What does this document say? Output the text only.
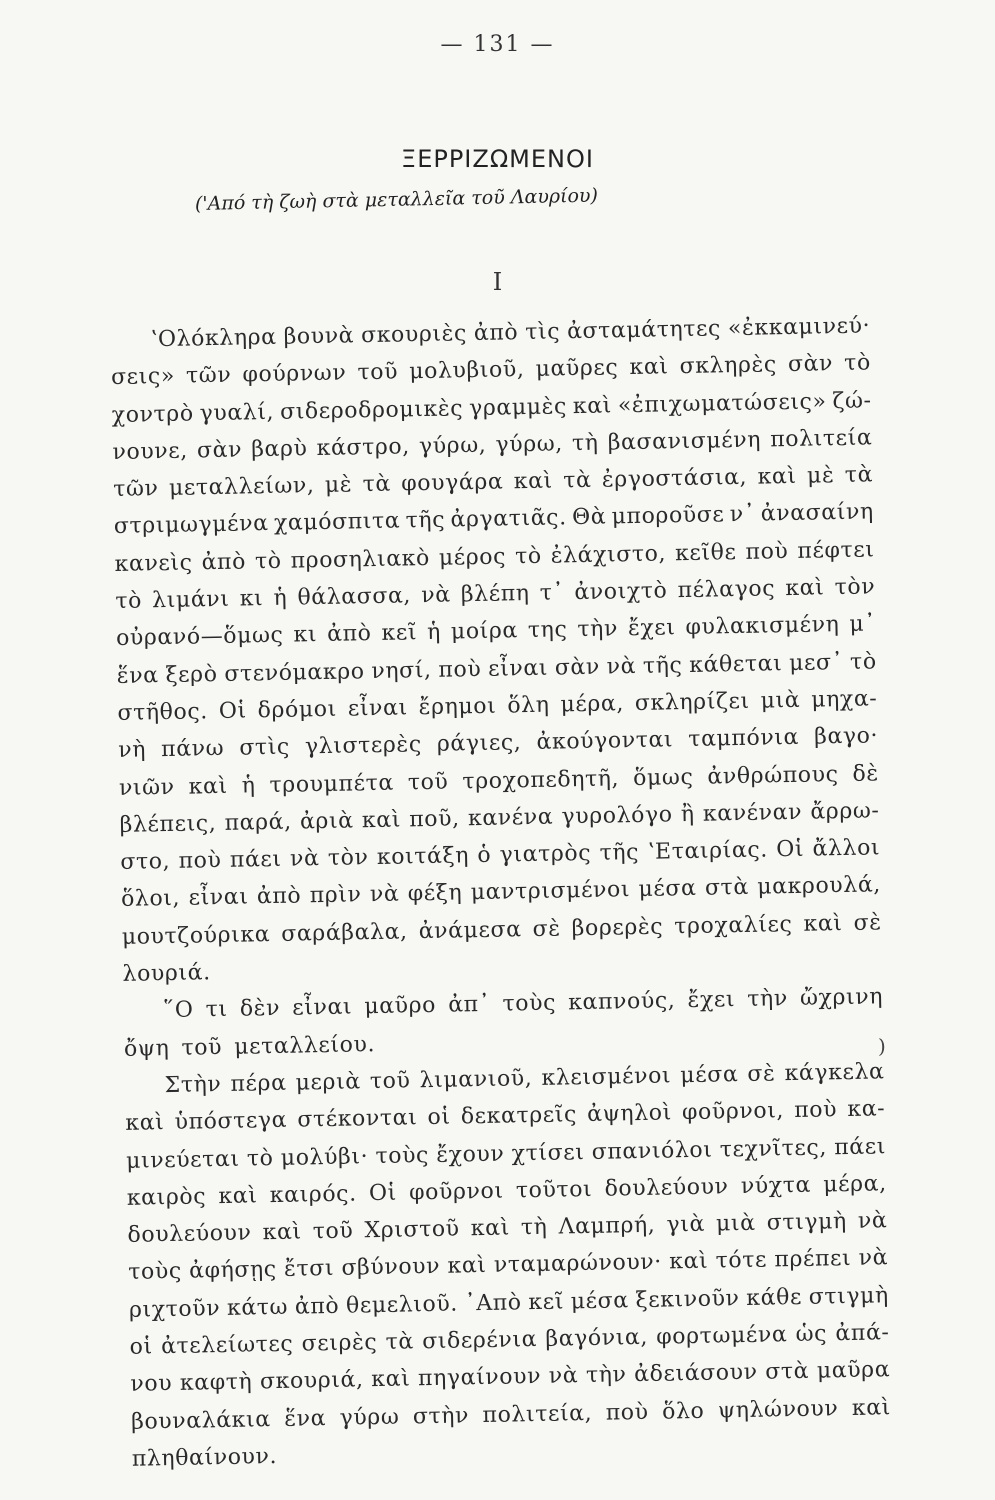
— 131 —
ΞΕΡΡΙΖΩΜΕΝΟΙ
('Από τὴ ζωὴ στὰ μεταλλεῖα τοῦ Λαυρίου)
Ι
)
ʽΟλόκληρα βουνὰ σκουριὲς ἀπὸ τὶς ἀσταμάτητες «ἐκκαμινεύ·
σεις» τῶν φούρνων τοῦ μολυβιοῦ, μαῦρες καὶ σκληρὲς σὰν τὸ
χοντρὸ γυαλί, σιδεροδρομικὲς γραμμὲς καὶ «ἐπιχωματώσεις» ζώ-
νουνε, σὰν βαρὺ κάστρο, γύρω, γύρω, τὴ βασανισμένη πολιτεία
τῶν μεταλλείων, μὲ τὰ φουγάρα καὶ τὰ ἐργοστάσια, καὶ μὲ τὰ
στριμωγμένα χαμόσπιτα τῆς ἀργατιᾶς. Θὰ μποροῦσε ν᾽ ἀνασαίνη
κανεὶς ἀπὸ τὸ προσηλιακὸ μέρος τὸ ἐλάχιστο, κεῖθε ποὺ πέφτει
τὸ λιμάνι κι ἡ θάλασσα, νὰ βλέπη τ᾽ ἀνοιχτὸ πέλαγος καὶ τὸν
οὐρανό—ὅμως κι ἀπὸ κεῖ ἡ μοίρα της τὴν ἔχει φυλακισμένη μ᾽
ἕνα ξερὸ στενόμακρο νησί, ποὺ εἶναι σὰν νὰ τῆς κάθεται μεσ᾽ τὸ
στῆθος. Οἱ δρόμοι εἶναι ἔρημοι ὅλη μέρα, σκληρίζει μιὰ μηχα-
νὴ πάνω στὶς γλιστερὲς ράγιες, ἀκούγονται ταμπόνια βαγο·
νιῶν καὶ ἡ τρουμπέτα τοῦ τροχοπεδητῆ, ὅμως ἀνθρώπους δὲ
βλέπεις, παρά, ἀριὰ καὶ ποῦ, κανένα γυρολόγο ἢ κανέναν ἄρρω-
στο, ποὺ πάει νὰ τὸν κοιτάξη ὁ γιατρὸς τῆς ʽΕταιρίας. Οἱ ἄλλοι
ὅλοι, εἶναι ἀπὸ πρὶν νὰ φέξη μαντρισμένοι μέσα στὰ μακρουλά,
μουτζούρικα σαράβαλα, ἀνάμεσα σὲ βορερὲς τροχαλίες καὶ σὲ
λουριά.
῞Ο τι δὲν εἶναι μαῦρο ἀπ᾽ τοὺς καπνούς, ἔχει τὴν ὤχρινη
ὄψη τοῦ μεταλλείου.
Στὴν πέρα μεριὰ τοῦ λιμανιοῦ, κλεισμένοι μέσα σὲ κάγκελα
καὶ ὑπόστεγα στέκονται οἱ δεκατρεῖς ἀψηλοὶ φοῦρνοι, ποὺ κα-
μινεύεται τὸ μολύβι· τοὺς ἔχουν χτίσει σπανιόλοι τεχνῖτες, πάει
καιρὸς καὶ καιρός. Οἱ φοῦρνοι τοῦτοι δουλεύουν νύχτα μέρα,
δουλεύουν καὶ τοῦ Χριστοῦ καὶ τὴ Λαμπρή, γιὰ μιὰ στιγμὴ νὰ
τοὺς ἀφήσῃς ἔτσι σβύνουν καὶ νταμαρώνουν· καὶ τότε πρέπει νὰ
ριχτοῦν κάτω ἀπὸ θεμελιοῦ. ᾽Απὸ κεῖ μέσα ξεκινοῦν κάθε στιγμὴ
οἱ ἀτελείωτες σειρὲς τὰ σιδερένια βαγόνια, φορτωμένα ὡς ἀπά-
νου καφτὴ σκουριά, καὶ πηγαίνουν νὰ τὴν ἀδειάσουν στὰ μαῦρα
βουναλάκια ἕνα γύρω στὴν πολιτεία, ποὺ ὅλο ψηλώνουν καὶ
πληθαίνουν.
